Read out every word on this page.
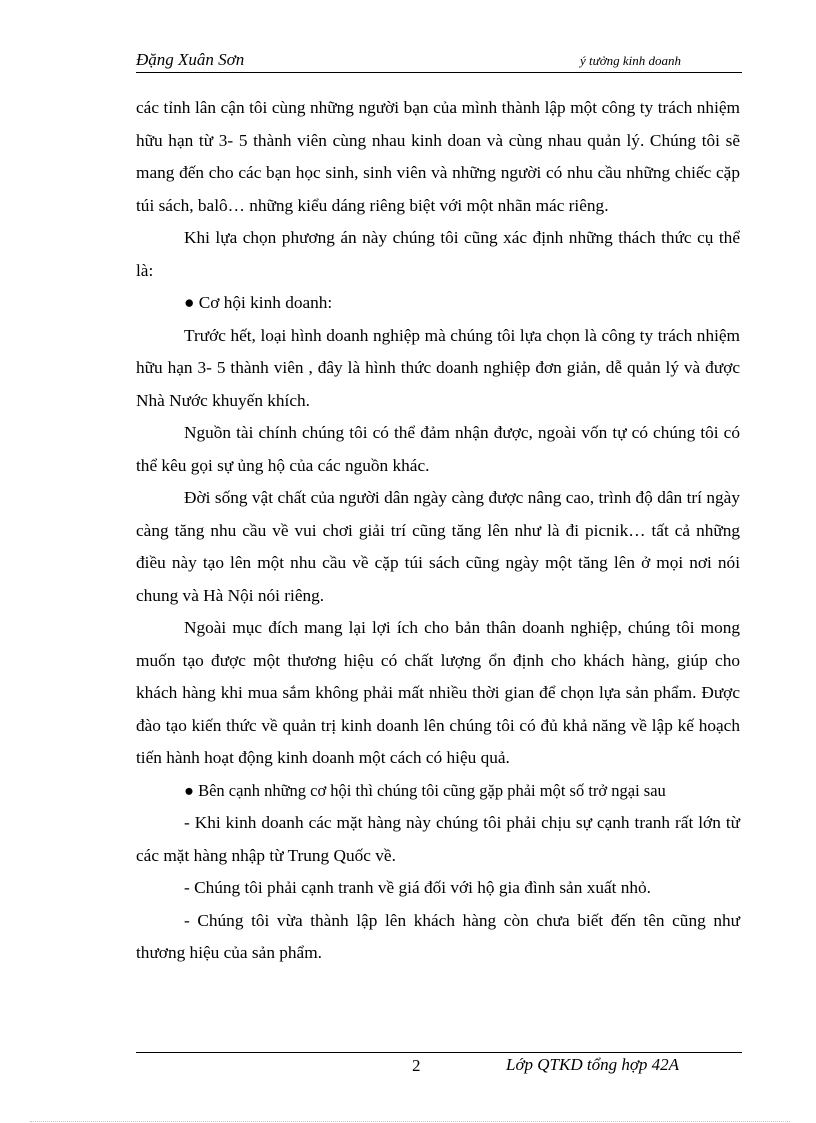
Đặng Xuân Sơn	ý tưởng kinh doanh

các tỉnh lân cận tôi cùng những người bạn của mình thành lập một công ty trách nhiệm hữu hạn từ 3- 5 thành viên cùng nhau kinh doan và cùng nhau quản lý. Chúng tôi sẽ mang đến cho các bạn học sinh, sinh viên và những người có nhu cầu những chiếc cặp túi sách, balô… những kiểu dáng riêng biệt với một nhãn mác riêng.

Khi lựa chọn phương án này chúng tôi cũng xác định những thách thức cụ thể là:

● Cơ hội kinh doanh:

Trước hết, loại hình doanh nghiệp mà chúng tôi lựa chọn là công ty trách nhiệm hữu hạn 3- 5 thành viên , đây là hình thức doanh nghiệp đơn giản, dễ quản lý và được Nhà Nước khuyến khích.

Nguồn tài chính chúng tôi có thể đảm nhận được, ngoài vốn tự có chúng tôi có thể kêu gọi sự ủng hộ của các nguồn khác.

Đời sống vật chất của người dân ngày càng được nâng cao, trình độ dân trí ngày càng tăng nhu cầu về vui chơi giải trí cũng tăng lên như là đi picnik… tất cả những điều này tạo lên một nhu cầu về cặp túi sách cũng ngày một tăng lên ở mọi nơi nói chung và Hà Nội nói riêng.

Ngoài mục đích mang lại lợi ích cho bản thân doanh nghiệp, chúng tôi mong muốn tạo được một thương hiệu có chất lượng ổn định cho khách hàng, giúp cho khách hàng khi mua sắm không phải mất nhiều thời gian để chọn lựa sản phẩm. Được đào tạo kiến thức về quản trị kinh doanh lên chúng tôi có đủ khả năng về lập kế hoạch tiến hành hoạt động kinh doanh một cách có hiệu quả.

● Bên cạnh những cơ hội thì chúng tôi cũng gặp phải một số trở ngại sau

- Khi kinh doanh các mặt hàng này chúng tôi phải chịu sự cạnh tranh rất lớn từ các mặt hàng nhập từ Trung Quốc về.

- Chúng tôi phải cạnh tranh về giá đối với hộ gia đình sản xuất nhỏ.

- Chúng tôi vừa thành lập lên khách hàng còn chưa biết đến tên cũng như thương hiệu của sản phẩm.

2	Lớp QTKD tổng hợp 42A
